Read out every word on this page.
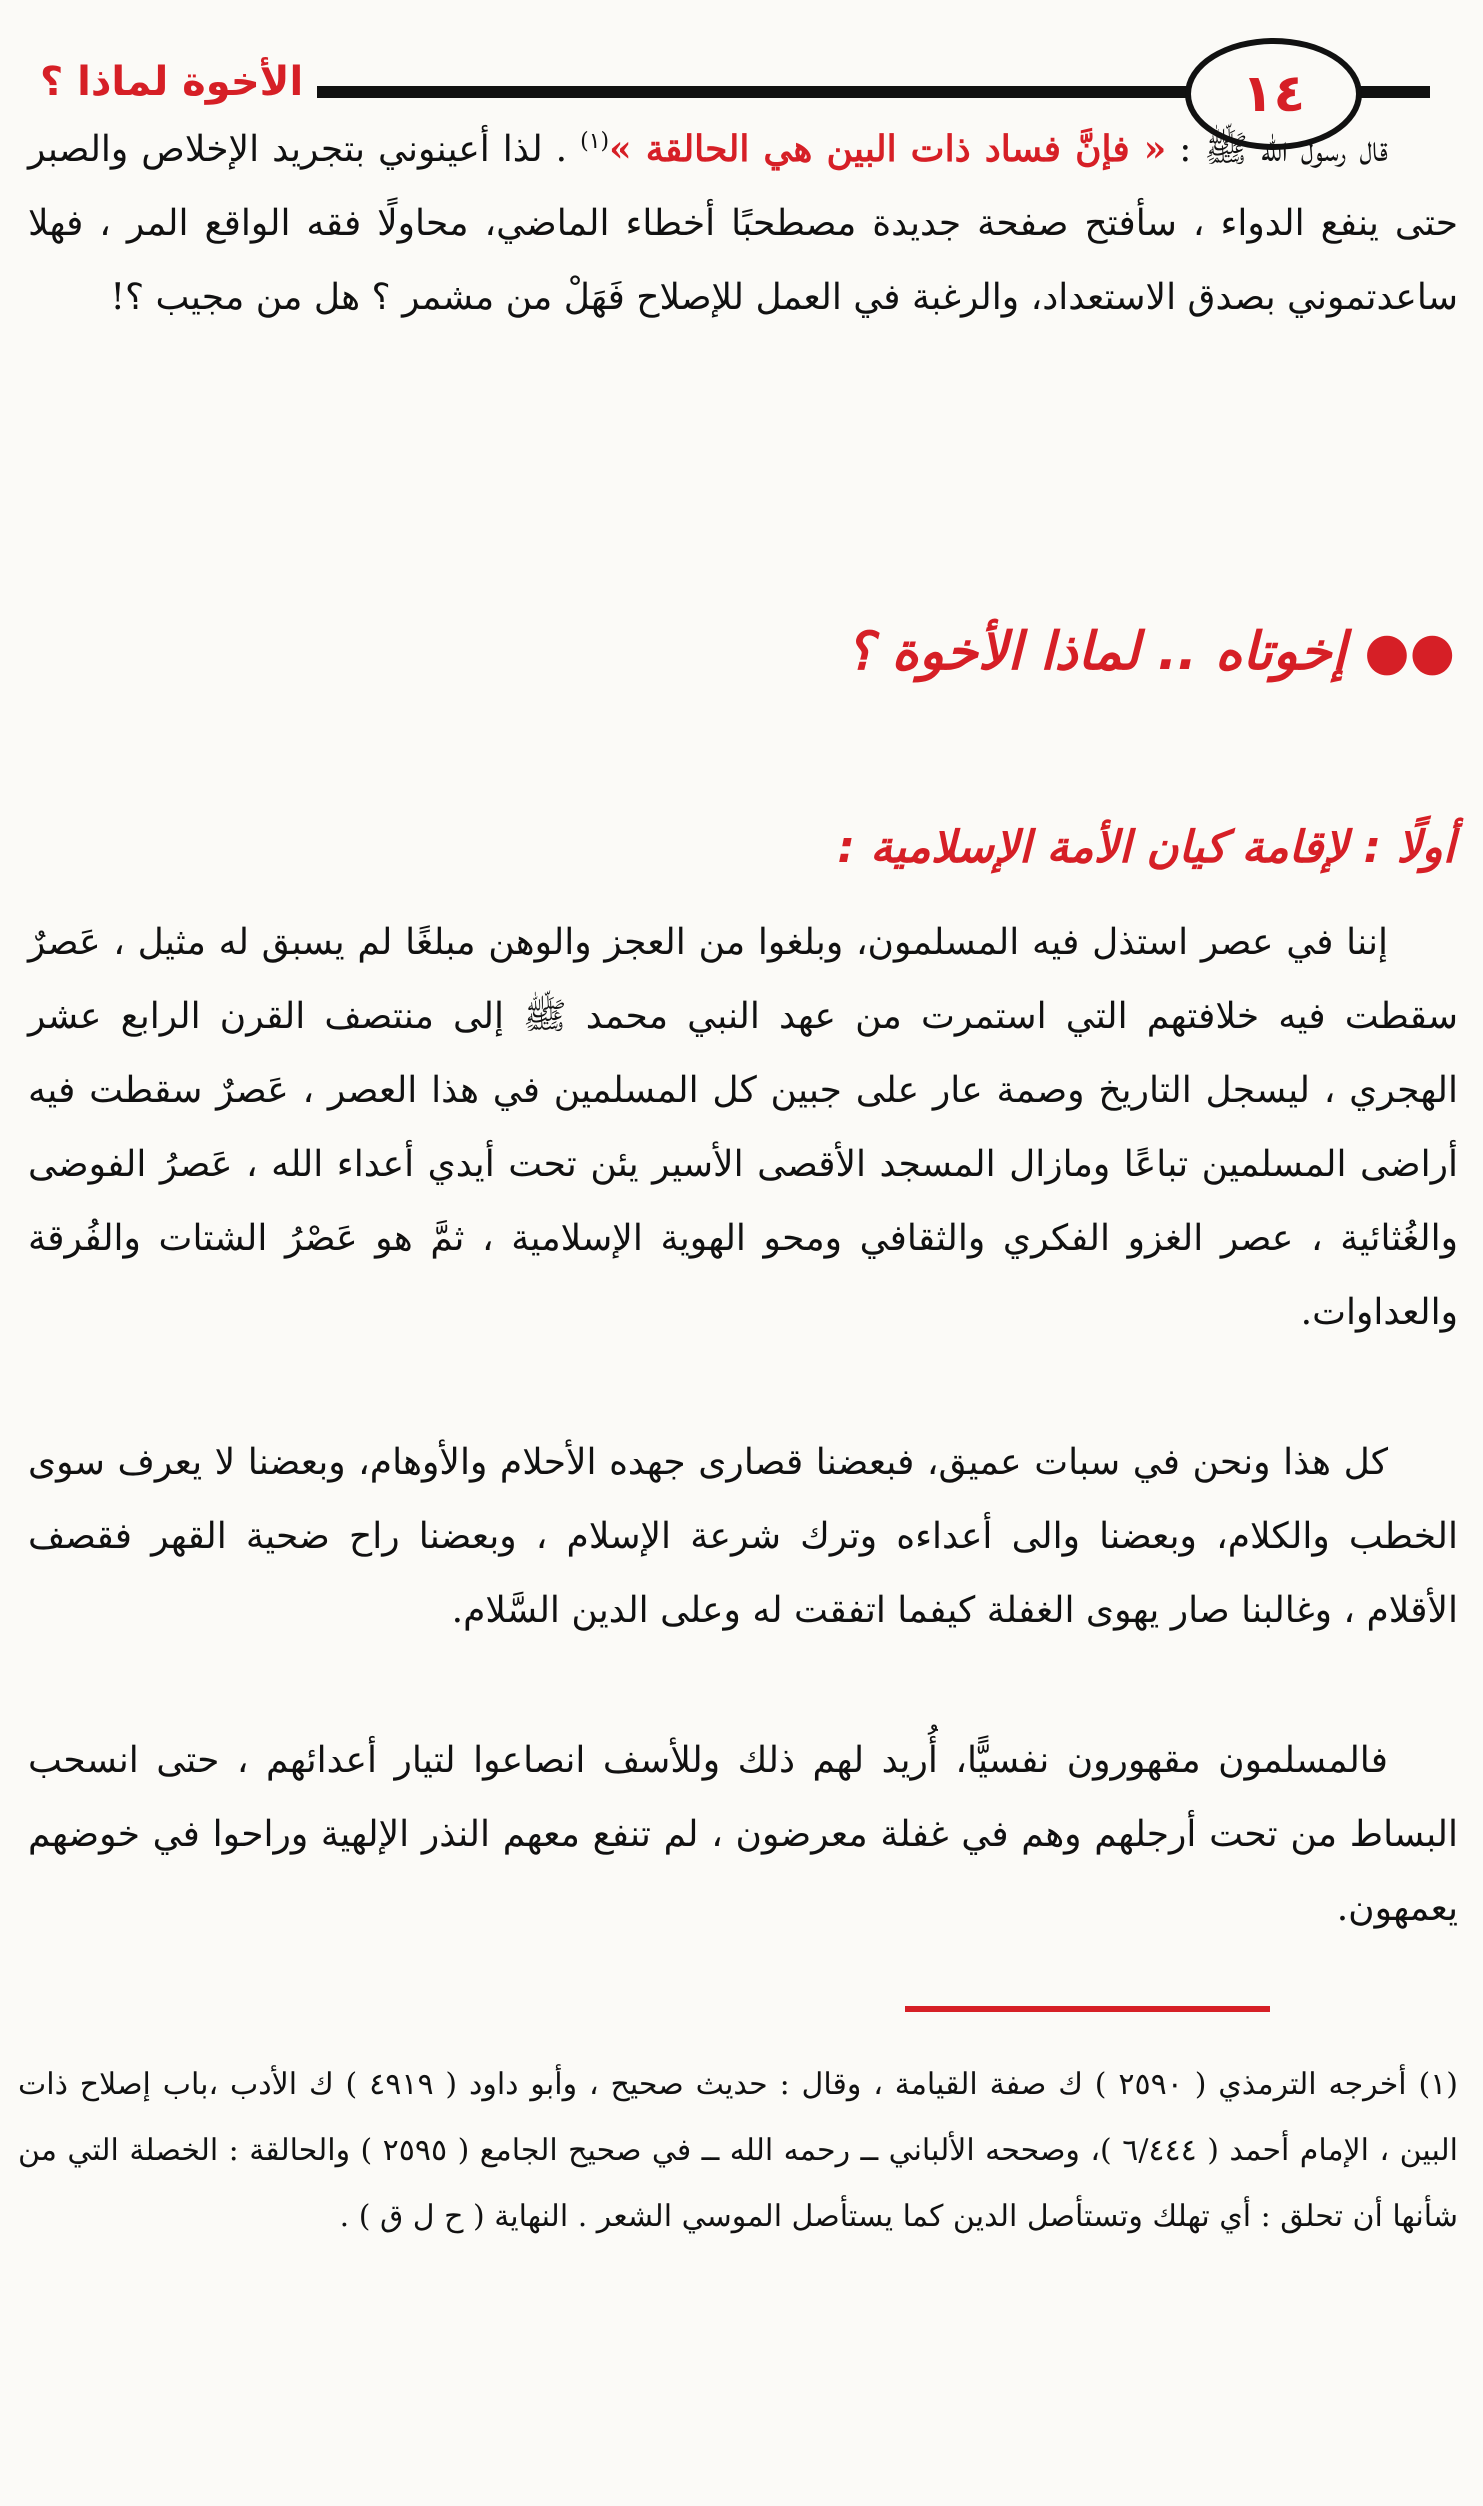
الأخوة لماذا ؟	١٤

قال رسول الله ﷺ : « فإنَّ فساد ذات البين هي الحالقة »$^{(١)}$ . لذا أعينوني بتجريد الإخلاص والصبر حتى ينفع الدواء ، سأفتح صفحة جديدة مصطحبًا أخطاء الماضي، محاولًا فقه الواقع المر ، فهلا ساعدتموني بصدق الاستعداد، والرغبة في العمل للإصلاح فَهَلْ من مشمر ؟ هل من مجيب ؟!

●● إخوتاه .. لماذا الأخوة ؟
أولًا : لإقامة كيان الأمة الإسلامية :

إننا في عصر استذل فيه المسلمون، وبلغوا من العجز والوهن مبلغًا لم يسبق له مثيل ، عَصرٌ سقطت فيه خلافتهم التي استمرت من عهد النبي محمد ﷺ إلى منتصف القرن الرابع عشر الهجري ، ليسجل التاريخ وصمة عار على جبين كل المسلمين في هذا العصر ، عَصرٌ سقطت فيه أراضى المسلمين تباعًا ومازال المسجد الأقصى الأسير يئن تحت أيدي أعداء الله ، عَصرُ الفوضى والغُثائية ، عصر الغزو الفكري والثقافي ومحو الهوية الإسلامية ، ثمَّ هو عَصْرُ الشتات والفُرقة والعداوات.

كل هذا ونحن في سبات عميق، فبعضنا قصارى جهده الأحلام والأوهام، وبعضنا لا يعرف سوى الخطب والكلام، وبعضنا والى أعداءه وترك شرعة الإسلام ، وبعضنا راح ضحية القهر فقصف الأقلام ، وغالبنا صار يهوى الغفلة كيفما اتفقت له وعلى الدين السَّلام.

فالمسلمون مقهورون نفسيًّا، أُريد لهم ذلك وللأسف انصاعوا لتيار أعدائهم ، حتى انسحب البساط من تحت أرجلهم وهم في غفلة معرضون ، لم تنفع معهم النذر الإلهية وراحوا في خوضهم يعمهون.

(١) أخرجه الترمذي ( ٢٥٩٠ ) ك صفة القيامة ، وقال : حديث صحيح ، وأبو داود ( ٤٩١٩ ) ك الأدب ،باب إصلاح ذات البين ، الإمام أحمد ( ٦/٤٤٤ )، وصححه الألباني ــ رحمه الله ــ في صحيح الجامع ( ٢٥٩٥ ) والحالقة : الخصلة التي من شأنها أن تحلق : أي تهلك وتستأصل الدين كما يستأصل الموسي الشعر . النهاية ( ح ل ق ) .
